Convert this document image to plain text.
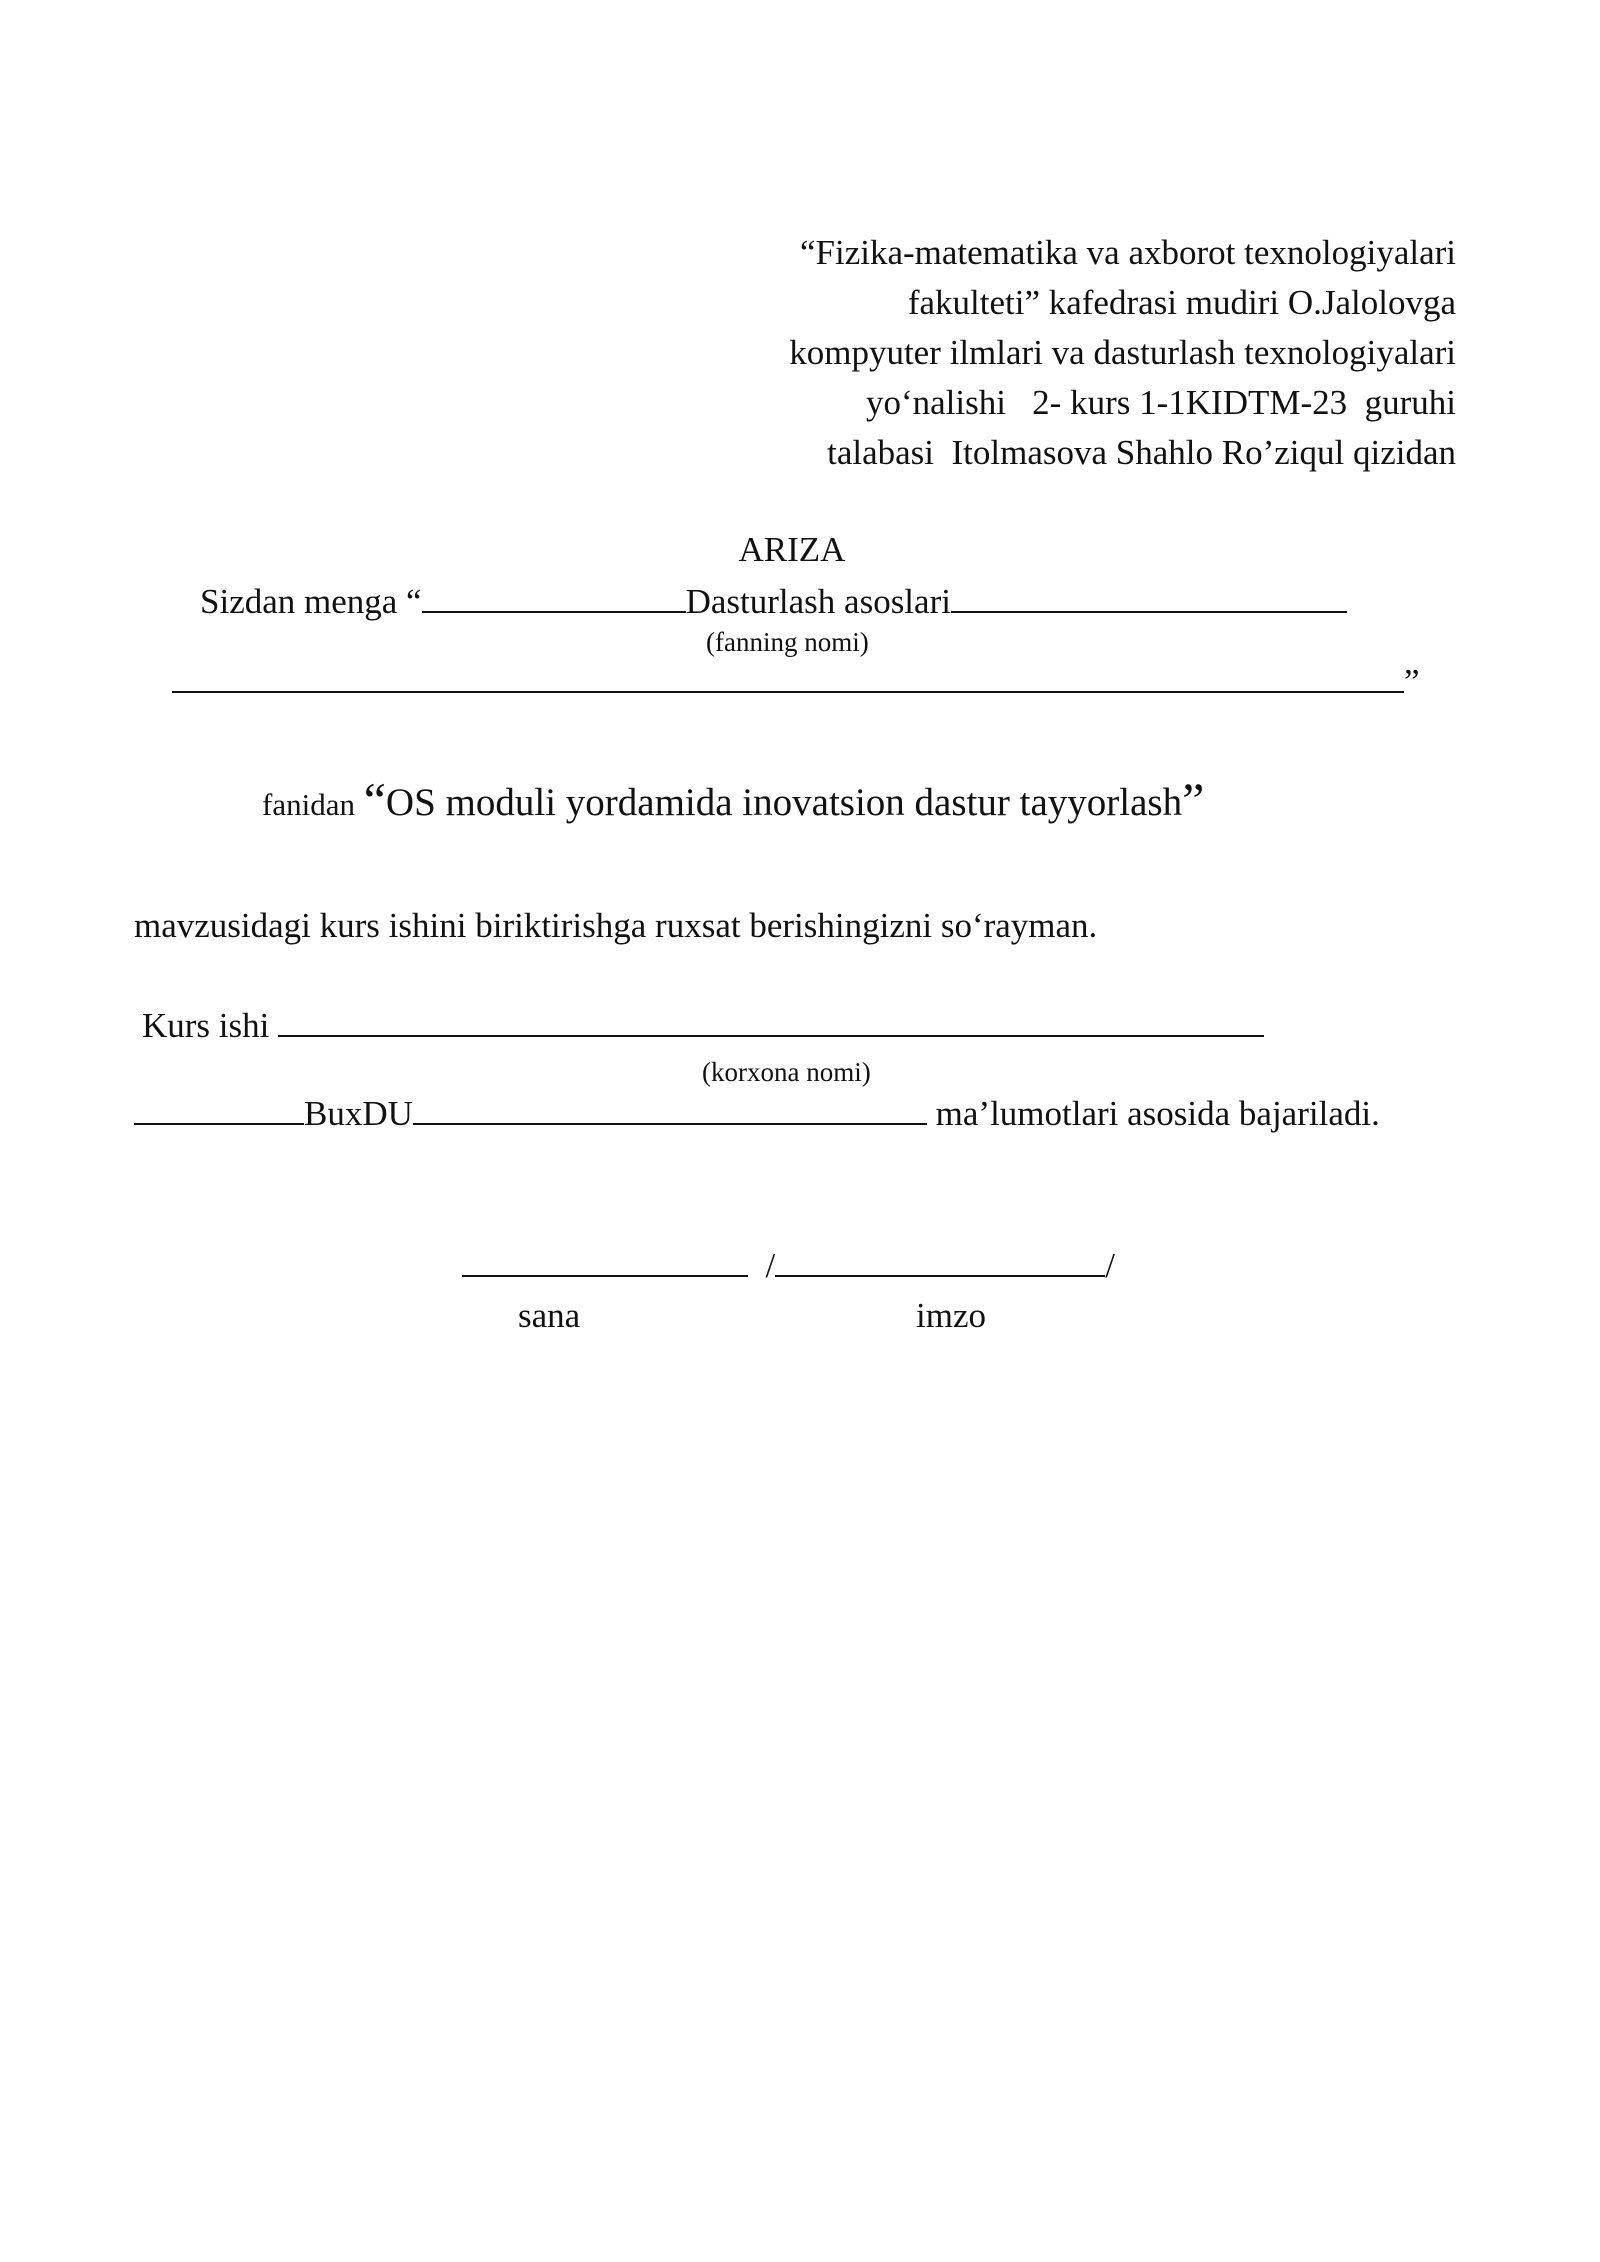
“Fizika-matematika va axborot texnologiyalari
fakulteti” kafedrasi mudiri O.Jalolovga
kompyuter ilmlari va dasturlash texnologiyalari
yo‘nalishi   2- kurs 1-1KIDTM-23  guruhi
talabasi  Itolmasova Shahlo Ro’ziqul qizidan
ARIZA
Sizdan menga “	Dasturlash asoslari
(fanning nomi)
”
fanidan “OS moduli yordamida inovatsion dastur tayyorlash”
mavzusidagi kurs ishini biriktirishga ruxsat berishingizni so‘rayman.
Kurs ishi
(korxona nomi)
BuxDU	ma’lumotlari asosida bajariladi.
/	/
sana	imzo
